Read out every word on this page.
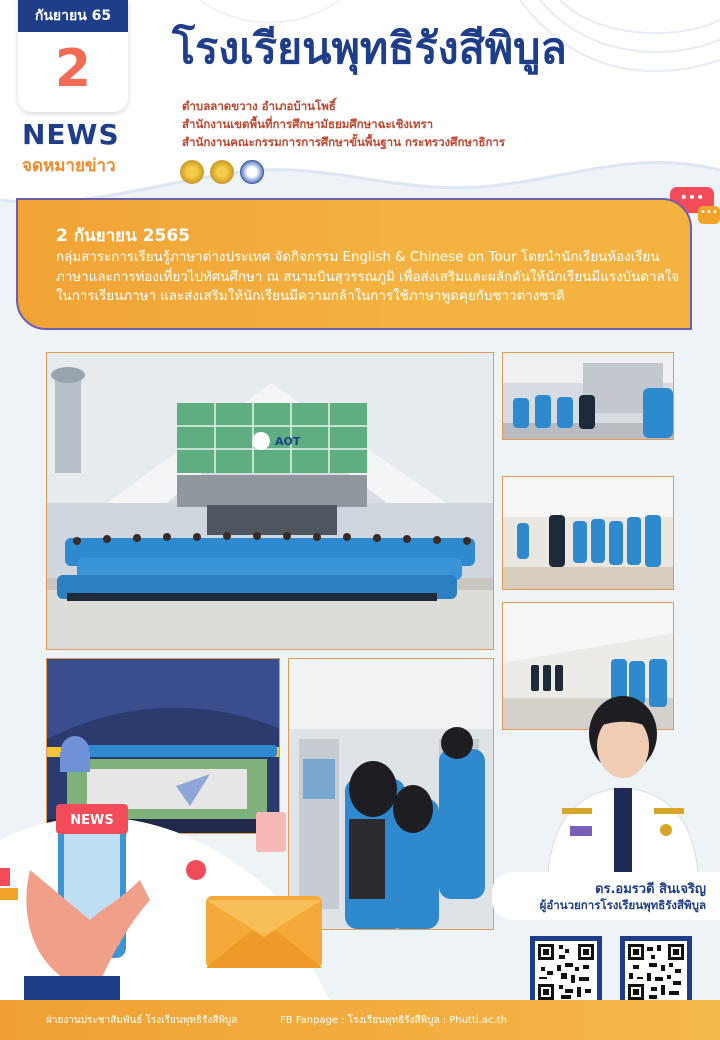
กันยายน 65
2
NEWS
จดหมายข่าว
โรงเรียนพุทธิรังสีพิบูล
ตำบลลาดขวาง อำเภอบ้านโพธิ์
สำนักงานเขตพื้นที่การศึกษามัธยมศึกษาฉะเชิงเทรา
สำนักงานคณะกรรมการการศึกษาขั้นพื้นฐาน กระทรวงศึกษาธิการ
•••
•••
2 กันยายน 2565
กลุ่มสาระการเรียนรู้ภาษาต่างประเทศ จัดกิจกรรม English & Chinese on Tour โดยนำนักเรียนห้องเรียนภาษาและการท่องเที่ยวไปทัศนศึกษา ณ สนามบินสุวรรณภูมิ เพื่อส่งเสริมและผลักดันให้นักเรียนมีแรงบันดาลใจในการเรียนภาษา และส่งเสริมให้นักเรียนมีความกล้าในการใช้ภาษาพูดคุยกับชาวต่างชาติ
AOT
NEWS
ดร.อมรวดี สินเจริญ
ผู้อำนวยการโรงเรียนพุทธิรังสีพิบูล
ฝ่ายงานประชาสัมพันธ์ โรงเรียนพุทธิรังสีพิบูล	FB Fanpage : โรงเรียนพุทธิรังสีพิบูล : Phutti.ac.th
